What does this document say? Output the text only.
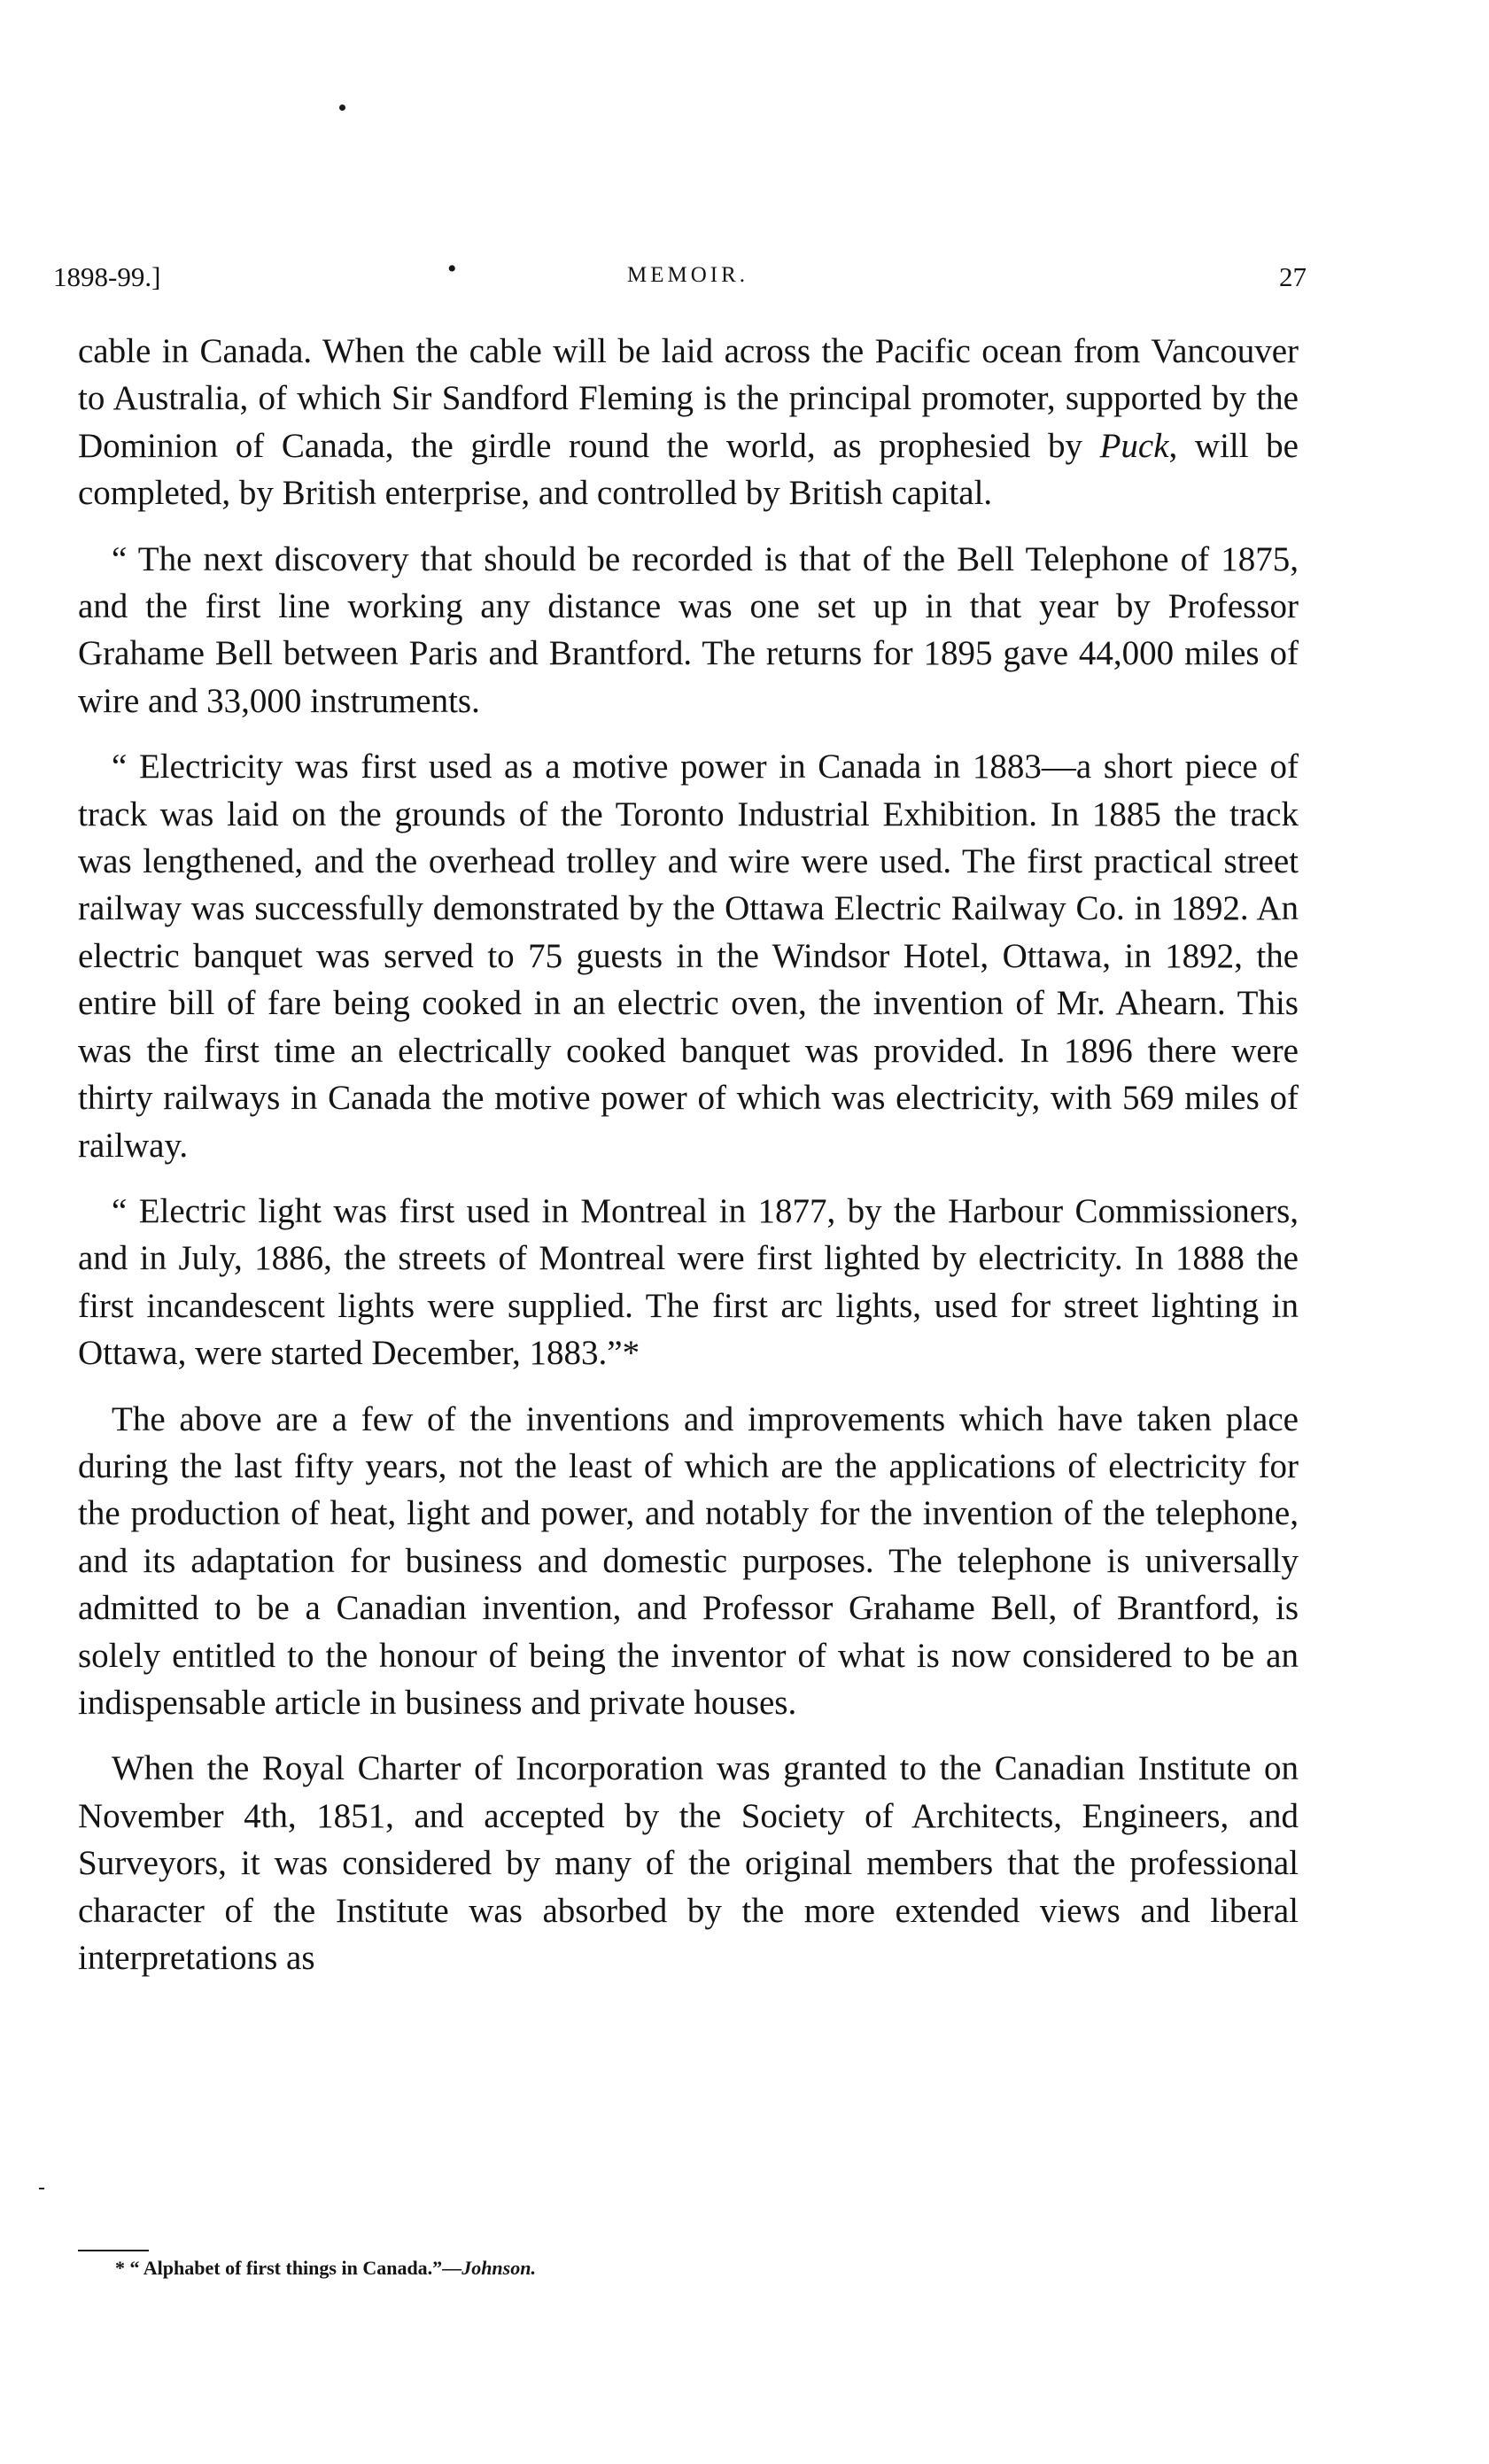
1898-99.]	•	MEMOIR.	27

cable in Canada. When the cable will be laid across the Pacific ocean from Vancouver to Australia, of which Sir Sandford Fleming is the principal promoter, supported by the Dominion of Canada, the girdle round the world, as prophesied by Puck, will be completed, by British enterprise, and controlled by British capital.

“ The next discovery that should be recorded is that of the Bell Telephone of 1875, and the first line working any distance was one set up in that year by Professor Grahame Bell between Paris and Brantford. The returns for 1895 gave 44,000 miles of wire and 33,000 instruments.

“ Electricity was first used as a motive power in Canada in 1883—a short piece of track was laid on the grounds of the Toronto Industrial Exhibition. In 1885 the track was lengthened, and the overhead trolley and wire were used. The first practical street railway was successfully demonstrated by the Ottawa Electric Railway Co. in 1892. An electric banquet was served to 75 guests in the Windsor Hotel, Ottawa, in 1892, the entire bill of fare being cooked in an electric oven, the invention of Mr. Ahearn. This was the first time an electrically cooked banquet was provided. In 1896 there were thirty railways in Canada the motive power of which was electricity, with 569 miles of railway.

“ Electric light was first used in Montreal in 1877, by the Harbour Commissioners, and in July, 1886, the streets of Montreal were first lighted by electricity. In 1888 the first incandescent lights were supplied. The first arc lights, used for street lighting in Ottawa, were started December, 1883.”*

The above are a few of the inventions and improvements which have taken place during the last fifty years, not the least of which are the applications of electricity for the production of heat, light and power, and notably for the invention of the telephone, and its adaptation for business and domestic purposes. The telephone is universally admitted to be a Canadian invention, and Professor Grahame Bell, of Brantford, is solely entitled to the honour of being the inventor of what is now considered to be an indispensable article in business and private houses.

When the Royal Charter of Incorporation was granted to the Canadian Institute on November 4th, 1851, and accepted by the Society of Architects, Engineers, and Surveyors, it was considered by many of the original members that the professional character of the Institute was absorbed by the more extended views and liberal interpretations as

* “ Alphabet of first things in Canada.”—Johnson.
